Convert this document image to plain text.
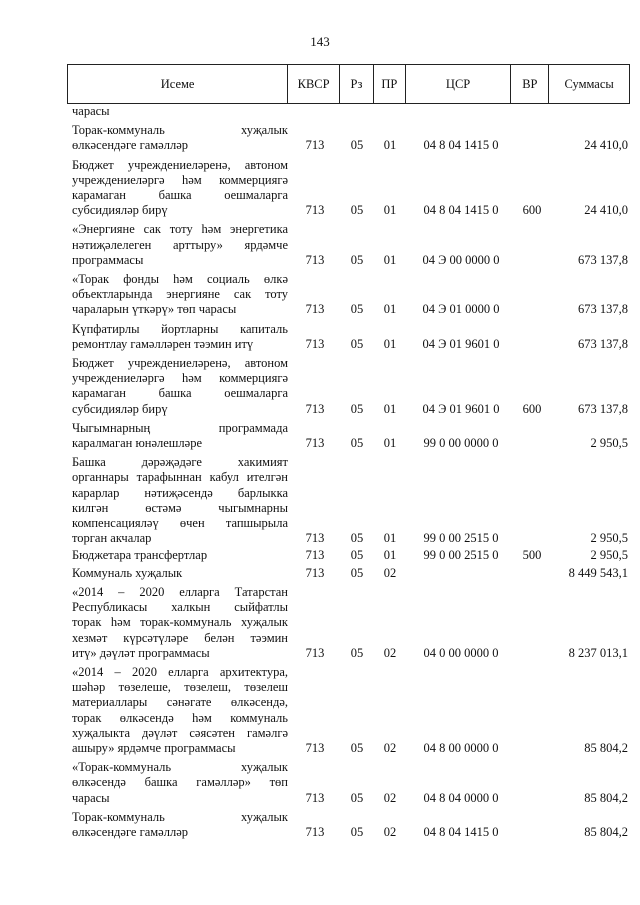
143
Исеме	КВСР	Рз	ПР	ЦСР	ВР	Суммасы
чарасы
Торак-коммуналь хуҗалык
өлкәсендәге гамәлләр	713	05	01	04 8 04 1415 0	24 410,0
Бюджет учреждениеләренә, автоном
учреждениеләргә һәм коммерциягә
карамаган башка оешмаларга
субсидияләр бирү	713	05	01	04 8 04 1415 0	600	24 410,0
«Энергияне сак тоту һәм энергетика
нәтиҗәлелеген арттыру» ярдәмче
программасы	713	05	01	04 Э 00 0000 0	673 137,8
«Торак фонды һәм социаль өлкә
объектларында энергияне сак тоту
чараларын үткәрү» төп чарасы	713	05	01	04 Э 01 0000 0	673 137,8
Күпфатирлы йортларны капиталь
ремонтлау гамәлләрен тәэмин итү	713	05	01	04 Э 01 9601 0	673 137,8
Бюджет учреждениеләренә, автоном
учреждениеләргә һәм коммерциягә
карамаган башка оешмаларга
субсидияләр бирү	713	05	01	04 Э 01 9601 0	600	673 137,8
Чыгымнарның программада
каралмаган юнәлешләре	713	05	01	99 0 00 0000 0	2 950,5
Башка дәрәҗәдәге хакимият
органнары тарафыннан кабул ителгән
карарлар нәтиҗәсендә барлыкка
килгән өстәмә чыгымнарны
компенсацияләү өчен тапшырыла
торган акчалар	713	05	01	99 0 00 2515 0	2 950,5
Бюджетара трансфертлар	713	05	01	99 0 00 2515 0	500	2 950,5
Коммуналь хуҗалык	713	05	02	8 449 543,1
«2014 – 2020 елларга Татарстан
Республикасы халкын сыйфатлы
торак һәм торак-коммуналь хуҗалык
хезмәт күрсәтүләре белән тәэмин
итү» дәүләт программасы	713	05	02	04 0 00 0000 0	8 237 013,1
«2014 – 2020 елларга архитектура,
шәһәр төзелеше, төзелеш, төзелеш
материаллары сәнәгате өлкәсендә,
торак өлкәсендә һәм коммуналь
хуҗалыкта дәүләт сәясәтен гамәлгә
ашыру» ярдәмче программасы	713	05	02	04 8 00 0000 0	85 804,2
«Торак-коммуналь хуҗалык
өлкәсендә башка гамәлләр» төп
чарасы	713	05	02	04 8 04 0000 0	85 804,2
Торак-коммуналь хуҗалык
өлкәсендәге гамәлләр	713	05	02	04 8 04 1415 0	85 804,2
